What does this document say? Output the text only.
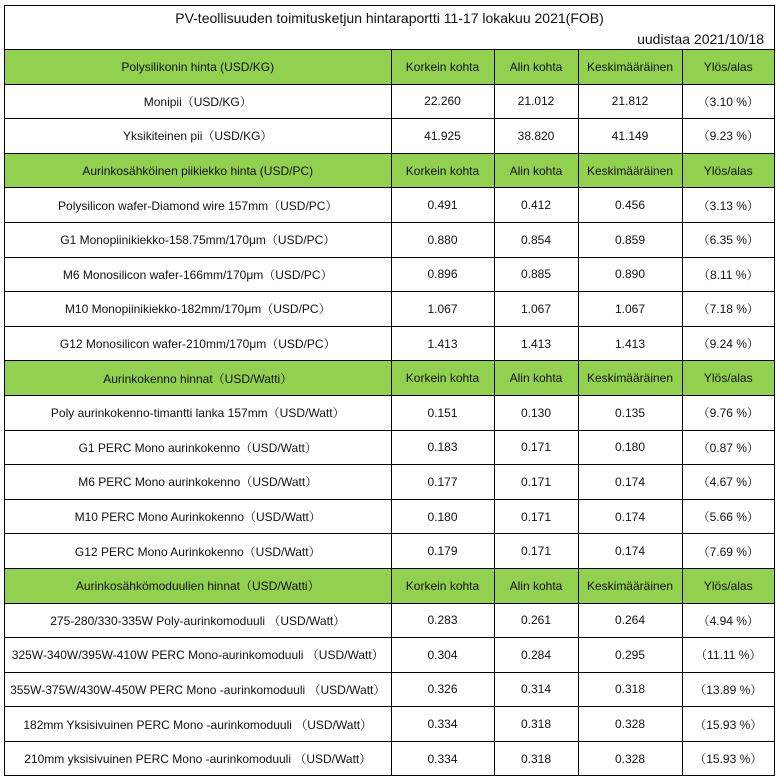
PV-teollisuuden toimitusketjun hintaraportti 11-17 lokakuu 2021(FOB)
uudistaa 2021/10/18
Polysilikonin hinta (USD/KG)	Korkein kohta	Alin kohta	Keskimääräinen	Ylös/alas
Monipii（USD/KG）	22.260	21.012	21.812	（3.10 %）
Yksikiteinen pii（USD/KG）	41.925	38.820	41.149	（9.23 %）
Aurinkosähköinen piikiekko hinta (USD/PC)	Korkein kohta	Alin kohta	Keskimääräinen	Ylös/alas
Polysilicon wafer-Diamond wire 157mm（USD/PC）	0.491	0.412	0.456	（3.13 %）
G1 Monopiinikiekko-158.75mm/170μm（USD/PC）	0.880	0.854	0.859	（6.35 %）
M6 Monosilicon wafer-166mm/170μm（USD/PC）	0.896	0.885	0.890	（8.11 %）
M10 Monopiinikiekko-182mm/170μm（USD/PC）	1.067	1.067	1.067	（7.18 %）
G12 Monosilicon wafer-210mm/170μm（USD/PC）	1.413	1.413	1.413	（9.24 %）
Aurinkokenno hinnat（USD/Watti）	Korkein kohta	Alin kohta	Keskimääräinen	Ylös/alas
Poly aurinkokenno-timantti lanka 157mm（USD/Watt）	0.151	0.130	0.135	（9.76 %）
G1 PERC Mono aurinkokenno（USD/Watt）	0.183	0.171	0.180	（0.87 %）
M6 PERC Mono aurinkokenno（USD/Watt）	0.177	0.171	0.174	（4.67 %）
M10 PERC Mono Aurinkokenno（USD/Watt）	0.180	0.171	0.174	（5.66 %）
G12 PERC Mono Aurinkokenno（USD/Watt）	0.179	0.171	0.174	（7.69 %）
Aurinkosähkömoduulien hinnat（USD/Watti）	Korkein kohta	Alin kohta	Keskimääräinen	Ylös/alas
275-280/330-335W Poly-aurinkomoduuli （USD/Watt）	0.283	0.261	0.264	（4.94 %）
325W-340W/395W-410W PERC Mono-aurinkomoduuli （USD/Watt）	0.304	0.284	0.295	（11.11 %）
355W-375W/430W-450W PERC Mono -aurinkomoduuli （USD/Watt）	0.326	0.314	0.318	（13.89 %）
182mm Yksisivuinen PERC Mono -aurinkomoduuli （USD/Watt）	0.334	0.318	0.328	（15.93 %）
210mm yksisivuinen PERC Mono -aurinkomoduuli （USD/Watt）	0.334	0.318	0.328	（15.93 %）
